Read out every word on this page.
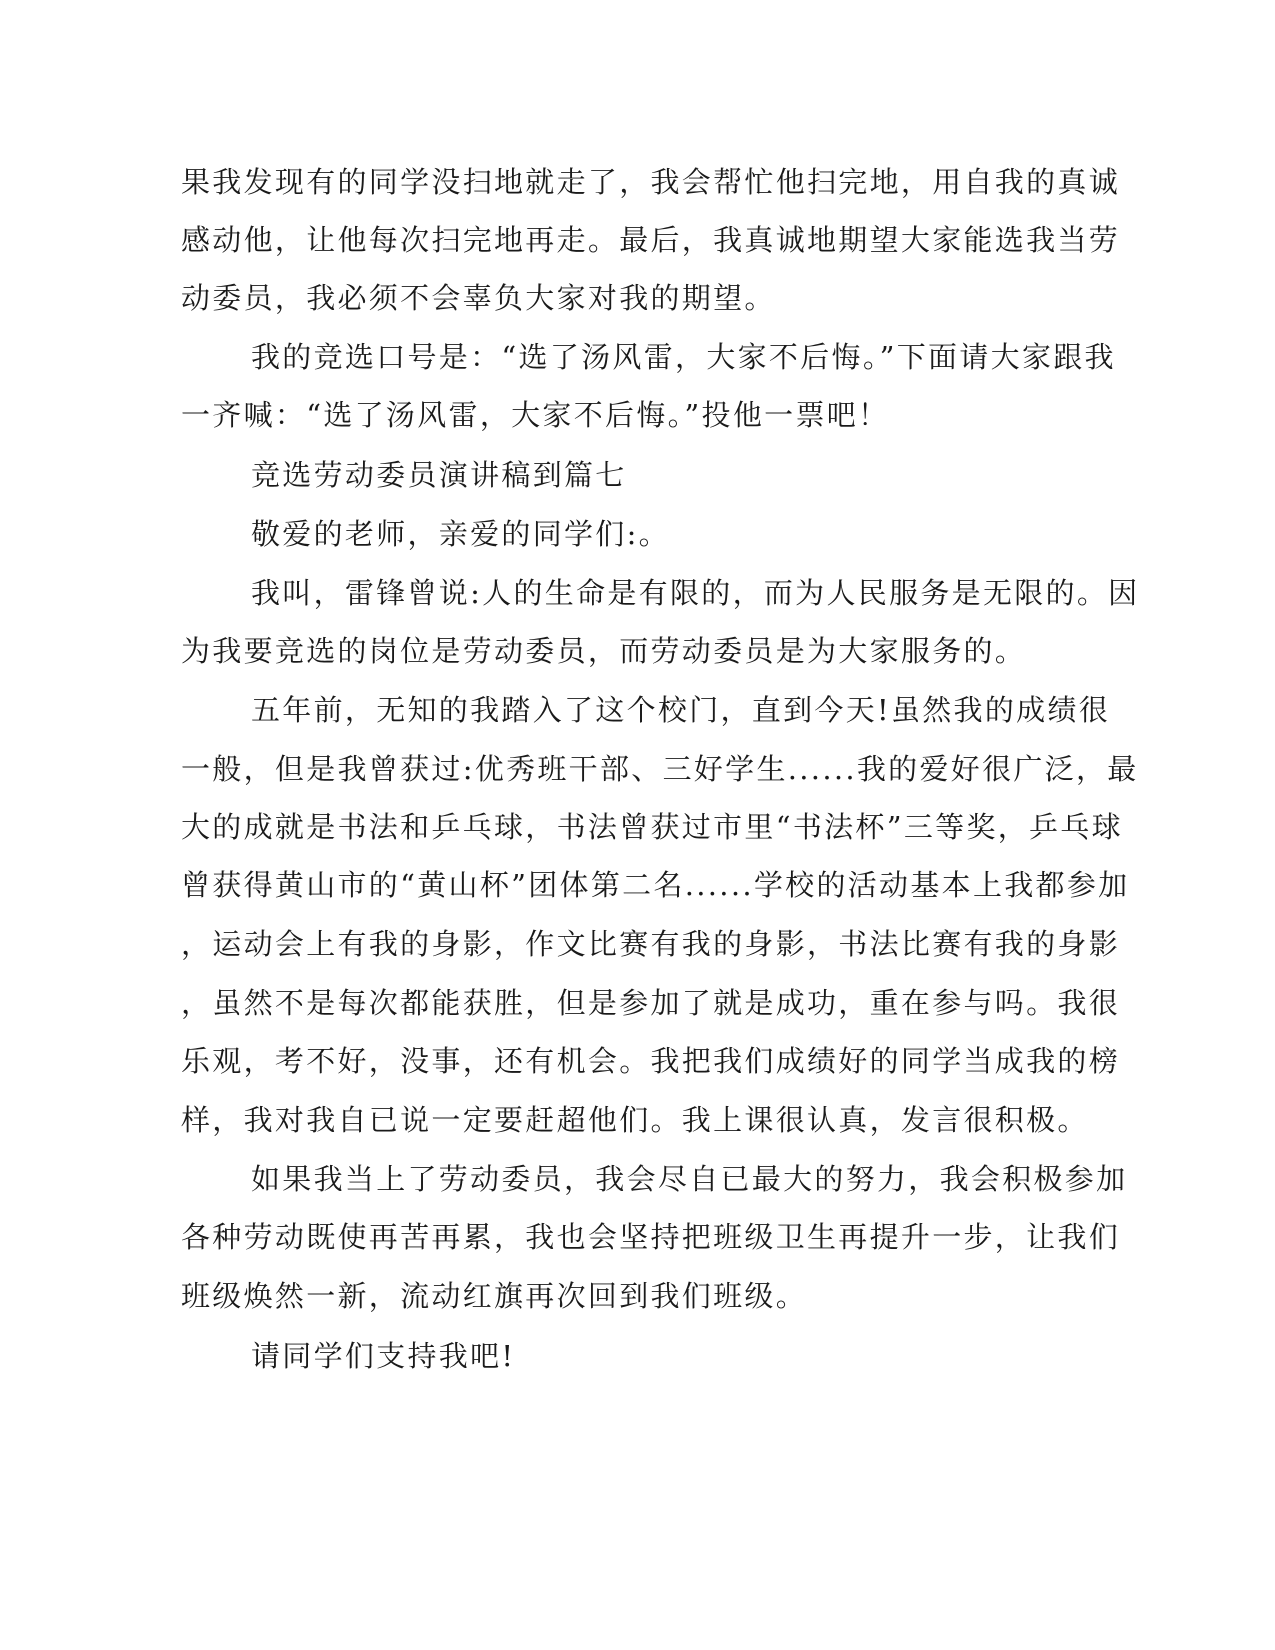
果我发现有的同学没扫地就走了，我会帮忙他扫完地，用自我的真诚
感动他，让他每次扫完地再走。最后，我真诚地期望大家能选我当劳
动委员，我必须不会辜负大家对我的期望。
我的竞选口号是：“选了汤风雷，大家不后悔。”下面请大家跟我
一齐喊：“选了汤风雷，大家不后悔。”投他一票吧！
竞选劳动委员演讲稿到篇七
敬爱的老师，亲爱的同学们:。
我叫，雷锋曾说:人的生命是有限的，而为人民服务是无限的。因
为我要竞选的岗位是劳动委员，而劳动委员是为大家服务的。
五年前，无知的我踏入了这个校门，直到今天!虽然我的成绩很
一般，但是我曾获过:优秀班干部、三好学生......我的爱好很广泛，最
大的成就是书法和乒乓球，书法曾获过市里“书法杯”三等奖，乒乓球
曾获得黄山市的“黄山杯”团体第二名......学校的活动基本上我都参加
，运动会上有我的身影，作文比赛有我的身影，书法比赛有我的身影
，虽然不是每次都能获胜，但是参加了就是成功，重在参与吗。我很
乐观，考不好，没事，还有机会。我把我们成绩好的同学当成我的榜
样，我对我自已说一定要赶超他们。我上课很认真，发言很积极。
如果我当上了劳动委员，我会尽自已最大的努力，我会积极参加
各种劳动既使再苦再累，我也会坚持把班级卫生再提升一步，让我们
班级焕然一新，流动红旗再次回到我们班级。
请同学们支持我吧!
